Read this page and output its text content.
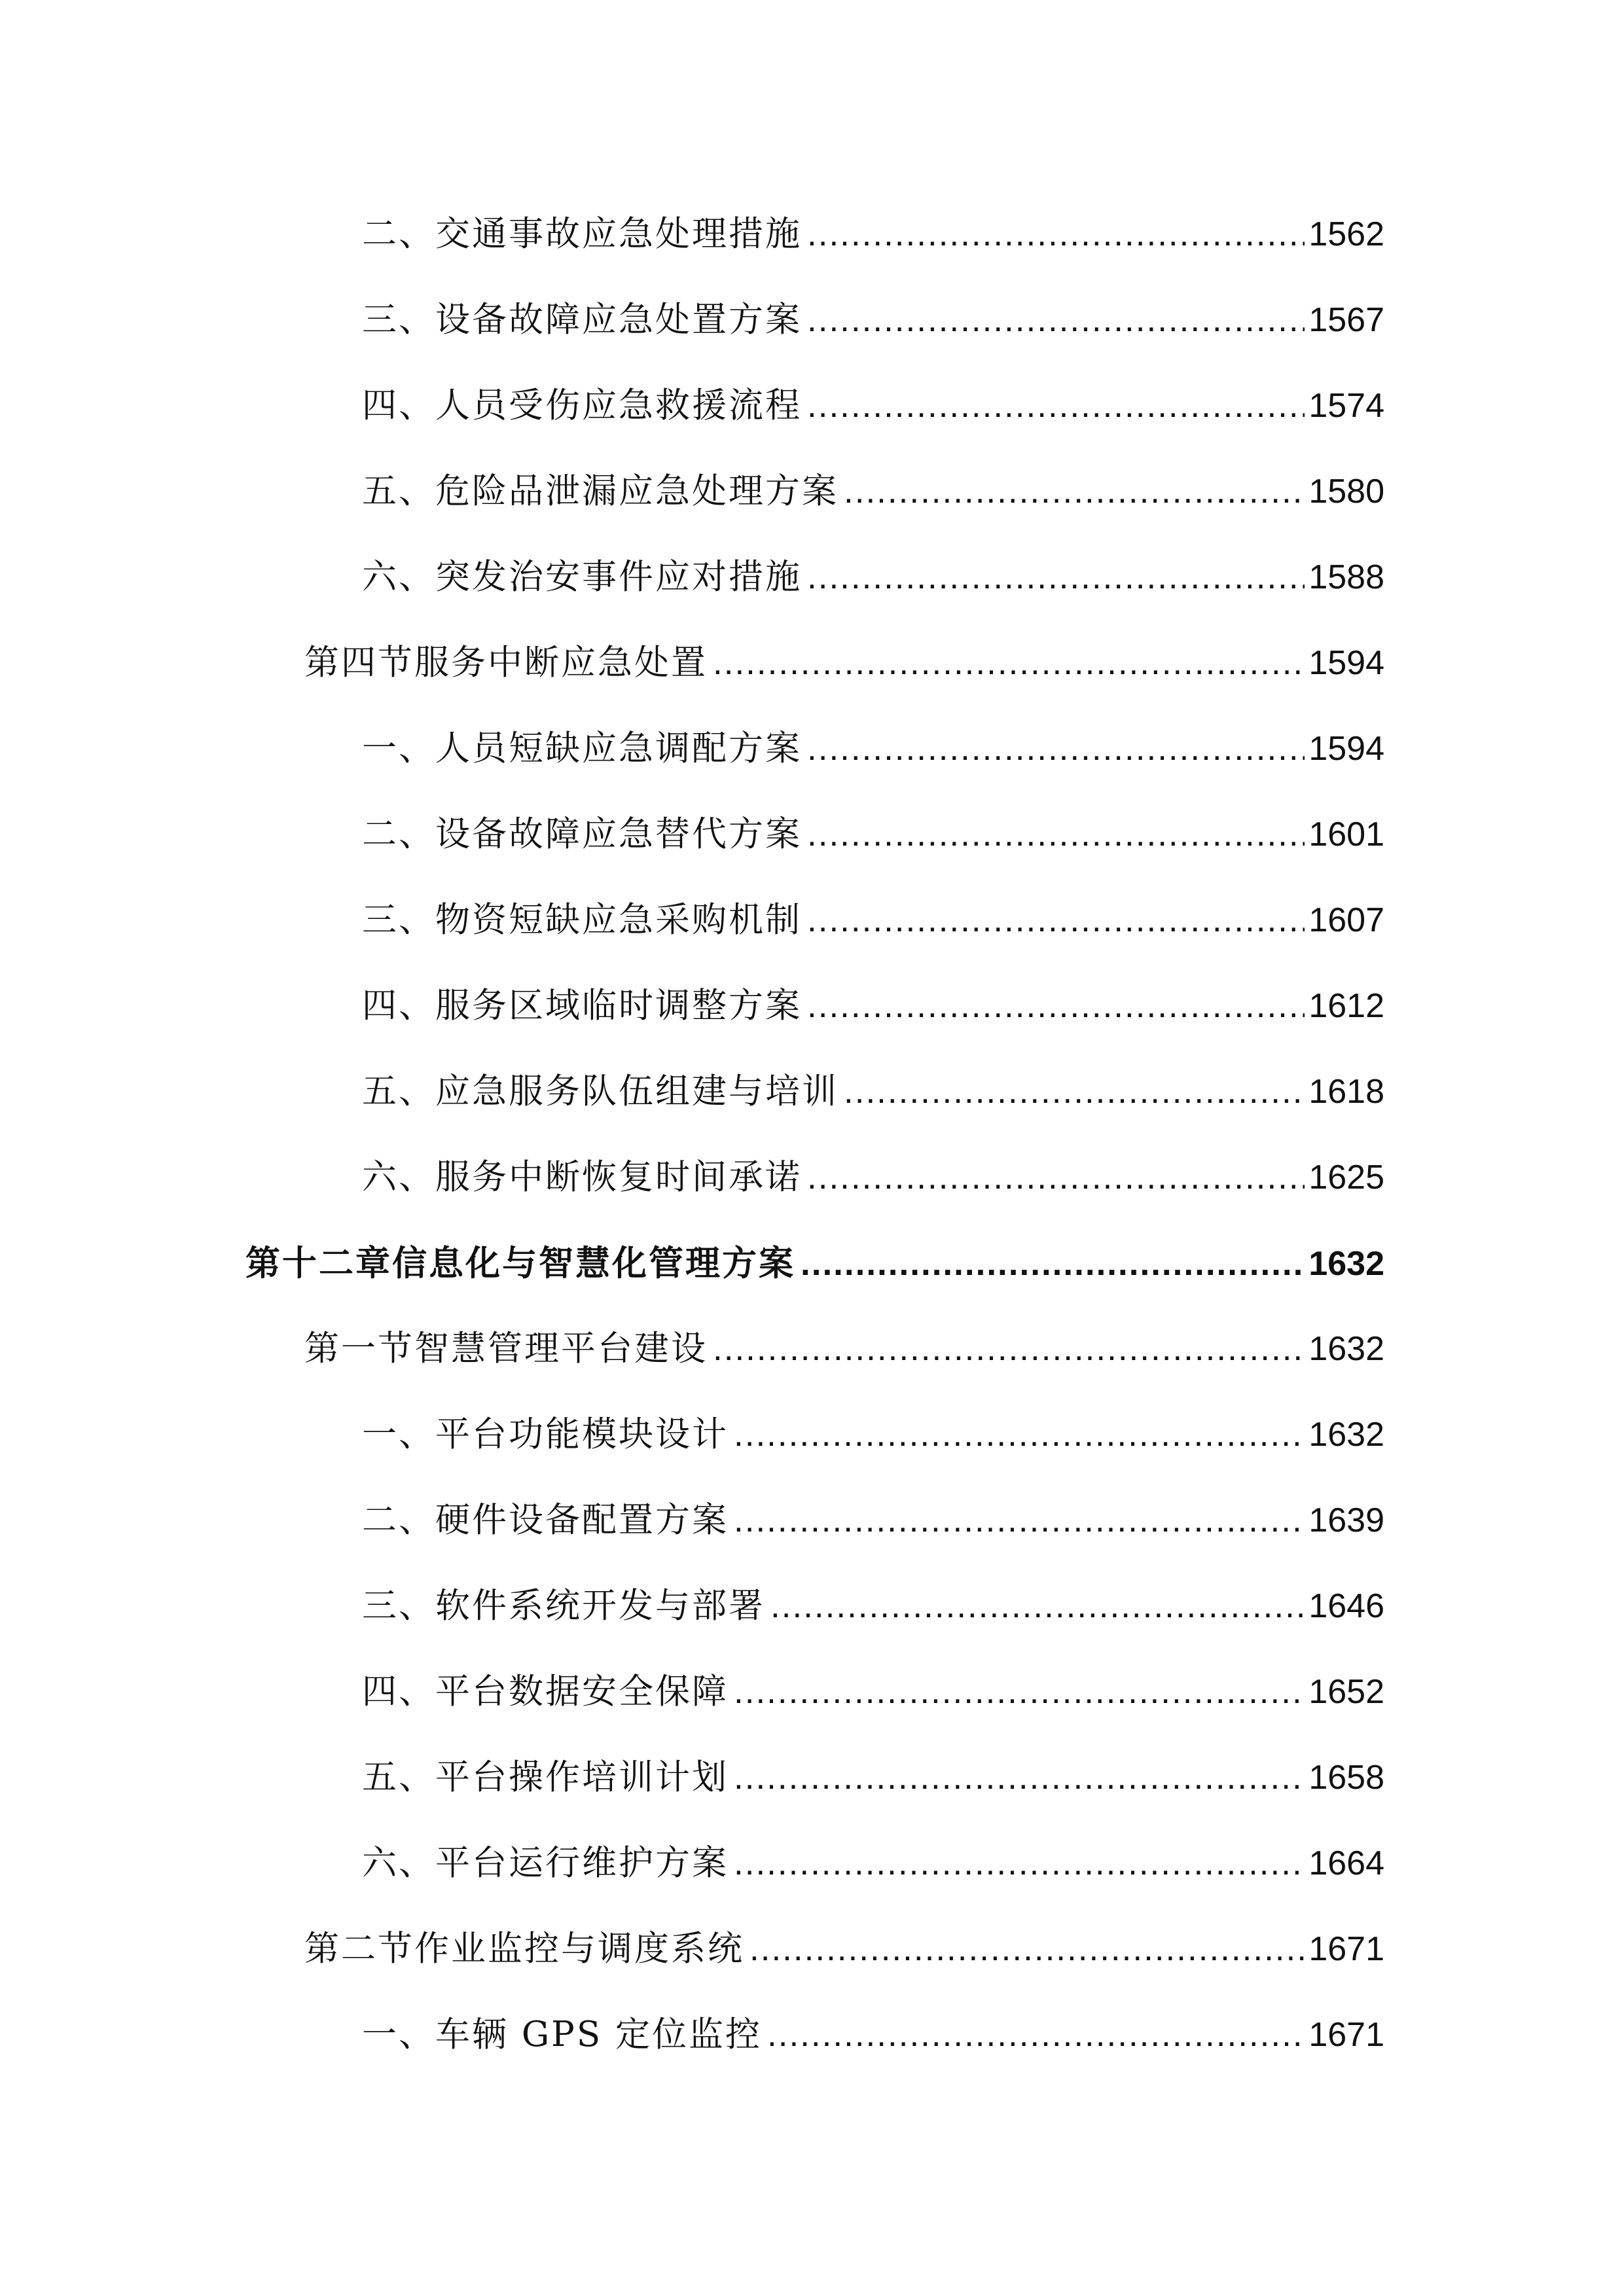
二、交通事故应急处理措施 .....	1562
三、设备故障应急处置方案 .....	1567
四、人员受伤应急救援流程 .....	1574
五、危险品泄漏应急处理方案 .....	1580
六、突发治安事件应对措施 .....	1588
第四节服务中断应急处置 .....	1594
一、人员短缺应急调配方案 .....	1594
二、设备故障应急替代方案 .....	1601
三、物资短缺应急采购机制 .....	1607
四、服务区域临时调整方案 .....	1612
五、应急服务队伍组建与培训 .....	1618
六、服务中断恢复时间承诺 .....	1625
第十二章信息化与智慧化管理方案 .....	1632
第一节智慧管理平台建设 .....	1632
一、平台功能模块设计 .....	1632
二、硬件设备配置方案 .....	1639
三、软件系统开发与部署 .....	1646
四、平台数据安全保障 .....	1652
五、平台操作培训计划 .....	1658
六、平台运行维护方案 .....	1664
第二节作业监控与调度系统 .....	1671
一、车辆 GPS 定位监控 .....	1671
